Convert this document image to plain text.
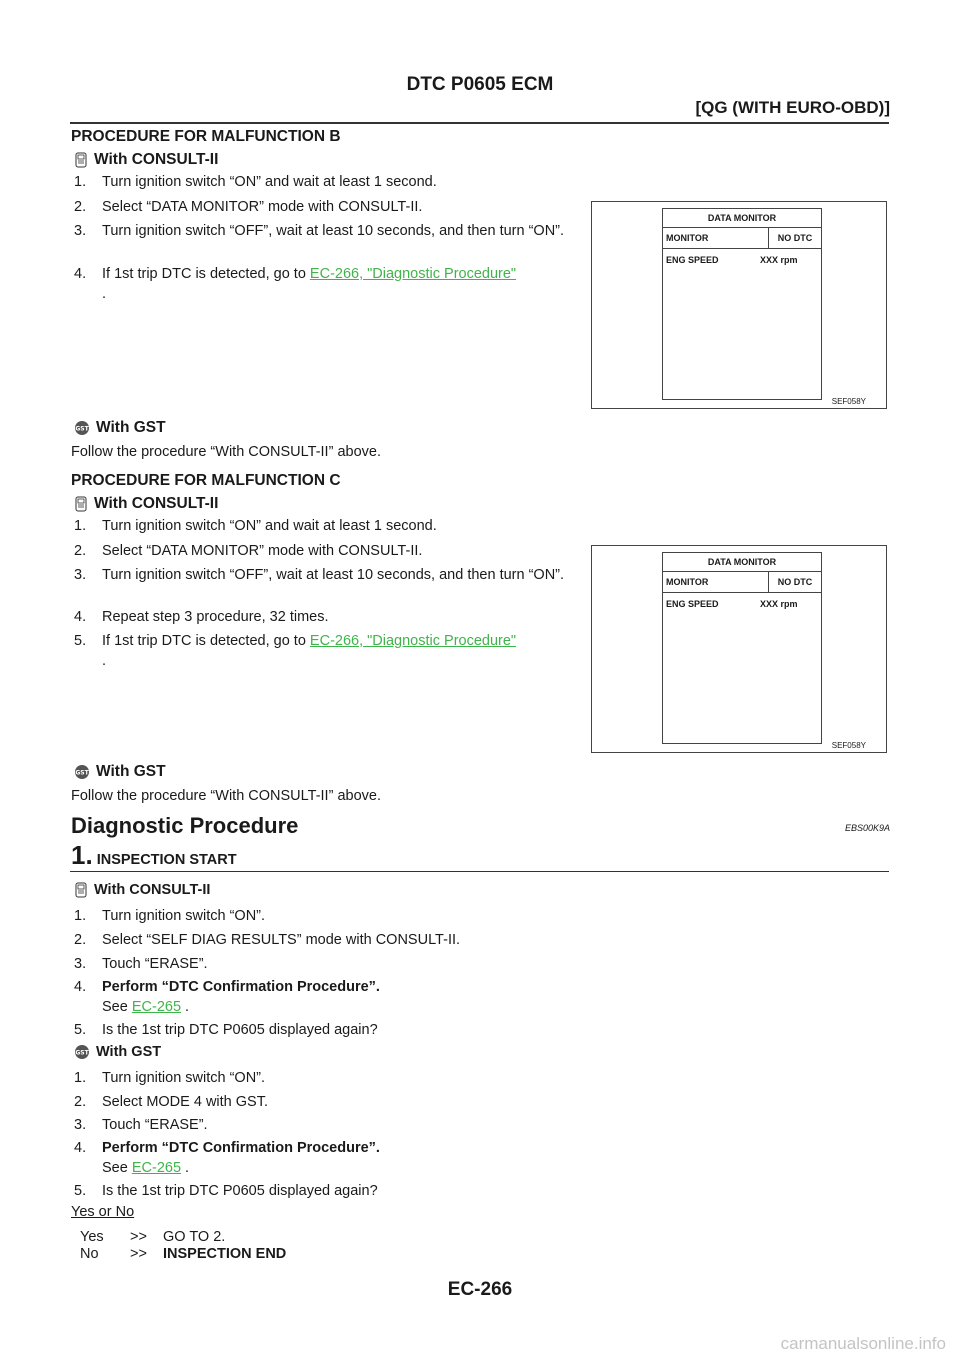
DTC P0605 ECM
[QG (WITH EURO-OBD)]
PROCEDURE FOR MALFUNCTION B
With CONSULT-II
1. Turn ignition switch “ON” and wait at least 1 second.
2. Select “DATA MONITOR” mode with CONSULT-II.
3. Turn ignition switch “OFF”, wait at least 10 seconds, and then turn “ON”.
4. If 1st trip DTC is detected, go to EC-266, "Diagnostic Procedure"
.
DATA MONITOR
MONITOR	NO DTC
ENG SPEED	XXX rpm
SEF058Y
With GST
Follow the procedure “With CONSULT-II” above.
PROCEDURE FOR MALFUNCTION C
With CONSULT-II
1. Turn ignition switch “ON” and wait at least 1 second.
2. Select “DATA MONITOR” mode with CONSULT-II.
3. Turn ignition switch “OFF”, wait at least 10 seconds, and then turn “ON”.
4. Repeat step 3 procedure, 32 times.
5. If 1st trip DTC is detected, go to EC-266, "Diagnostic Procedure"
.
DATA MONITOR
MONITOR	NO DTC
ENG SPEED	XXX rpm
SEF058Y
With GST
Follow the procedure “With CONSULT-II” above.
Diagnostic Procedure	EBS00K9A
1. INSPECTION START
With CONSULT-II
1. Turn ignition switch “ON”.
2. Select “SELF DIAG RESULTS” mode with CONSULT-II.
3. Touch “ERASE”.
4. Perform “DTC Confirmation Procedure”.
See EC-265 .
5. Is the 1st trip DTC P0605 displayed again?
With GST
1. Turn ignition switch “ON”.
2. Select MODE 4 with GST.
3. Touch “ERASE”.
4. Perform “DTC Confirmation Procedure”.
See EC-265 .
5. Is the 1st trip DTC P0605 displayed again?
Yes or No
Yes	>>	GO TO 2.
No	>>	INSPECTION END
EC-266
carmanualsonline.info
